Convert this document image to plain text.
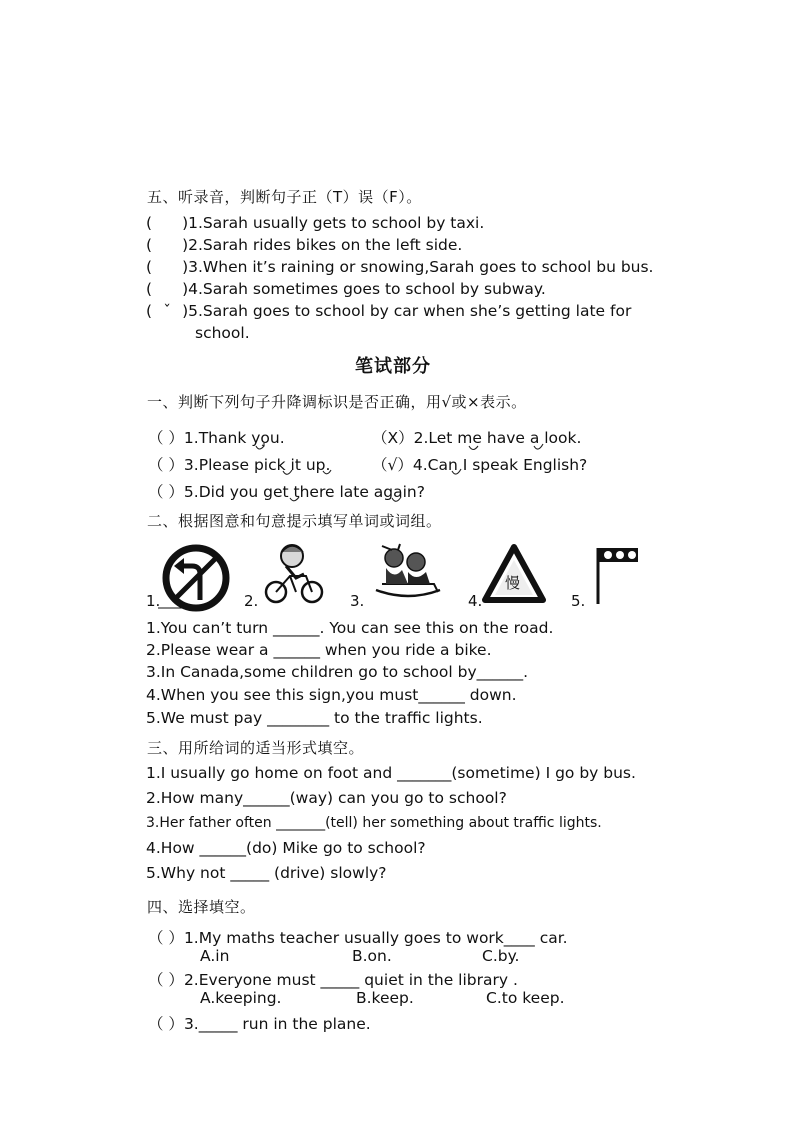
五、听录音，判断句子正（T）误（F）。
( )1.Sarah usually gets to school by taxi.
( )2.Sarah rides bikes on the left side.
( )3.When it’s raining or snowing,Sarah goes to school bu bus.
( )4.Sarah sometimes goes to school by subway.
( ˇ )5.Sarah goes to school by car when she’s getting late for
school.
笔试部分
一、判断下列句子升降调标识是否正确，用√或×表示。
（ ）1.Thank you.	（X）2.Let me have a look.
（ ）3.Please pick it up.	（√）4.Can I speak English?
（ ）5.Did you get there late again?
二、根据图意和句意提示填写单词或词组。
1.	2.	3.	4.
慢
5.
1.You can’t turn ______. You can see this on the road.
2.Please wear a ______ when you ride a bike.
3.In Canada,some children go to school by______.
4.When you see this sign,you must______ down.
5.We must pay ________ to the traffic lights.
三、用所给词的适当形式填空。
1.I usually go home on foot and _______(sometime) I go by bus.
2.How many______(way) can you go to school?
3.Her father often _______(tell) her something about traffic lights.
4.How ______(do) Mike go to school?
5.Why not _____ (drive) slowly?
四、选择填空。
（ ）1.My maths teacher usually goes to work____ car.
A.in	B.on.	C.by.
（ ）2.Everyone must _____ quiet in the library .
A.keeping.	B.keep.	C.to keep.
（ ）3._____ run in the plane.
